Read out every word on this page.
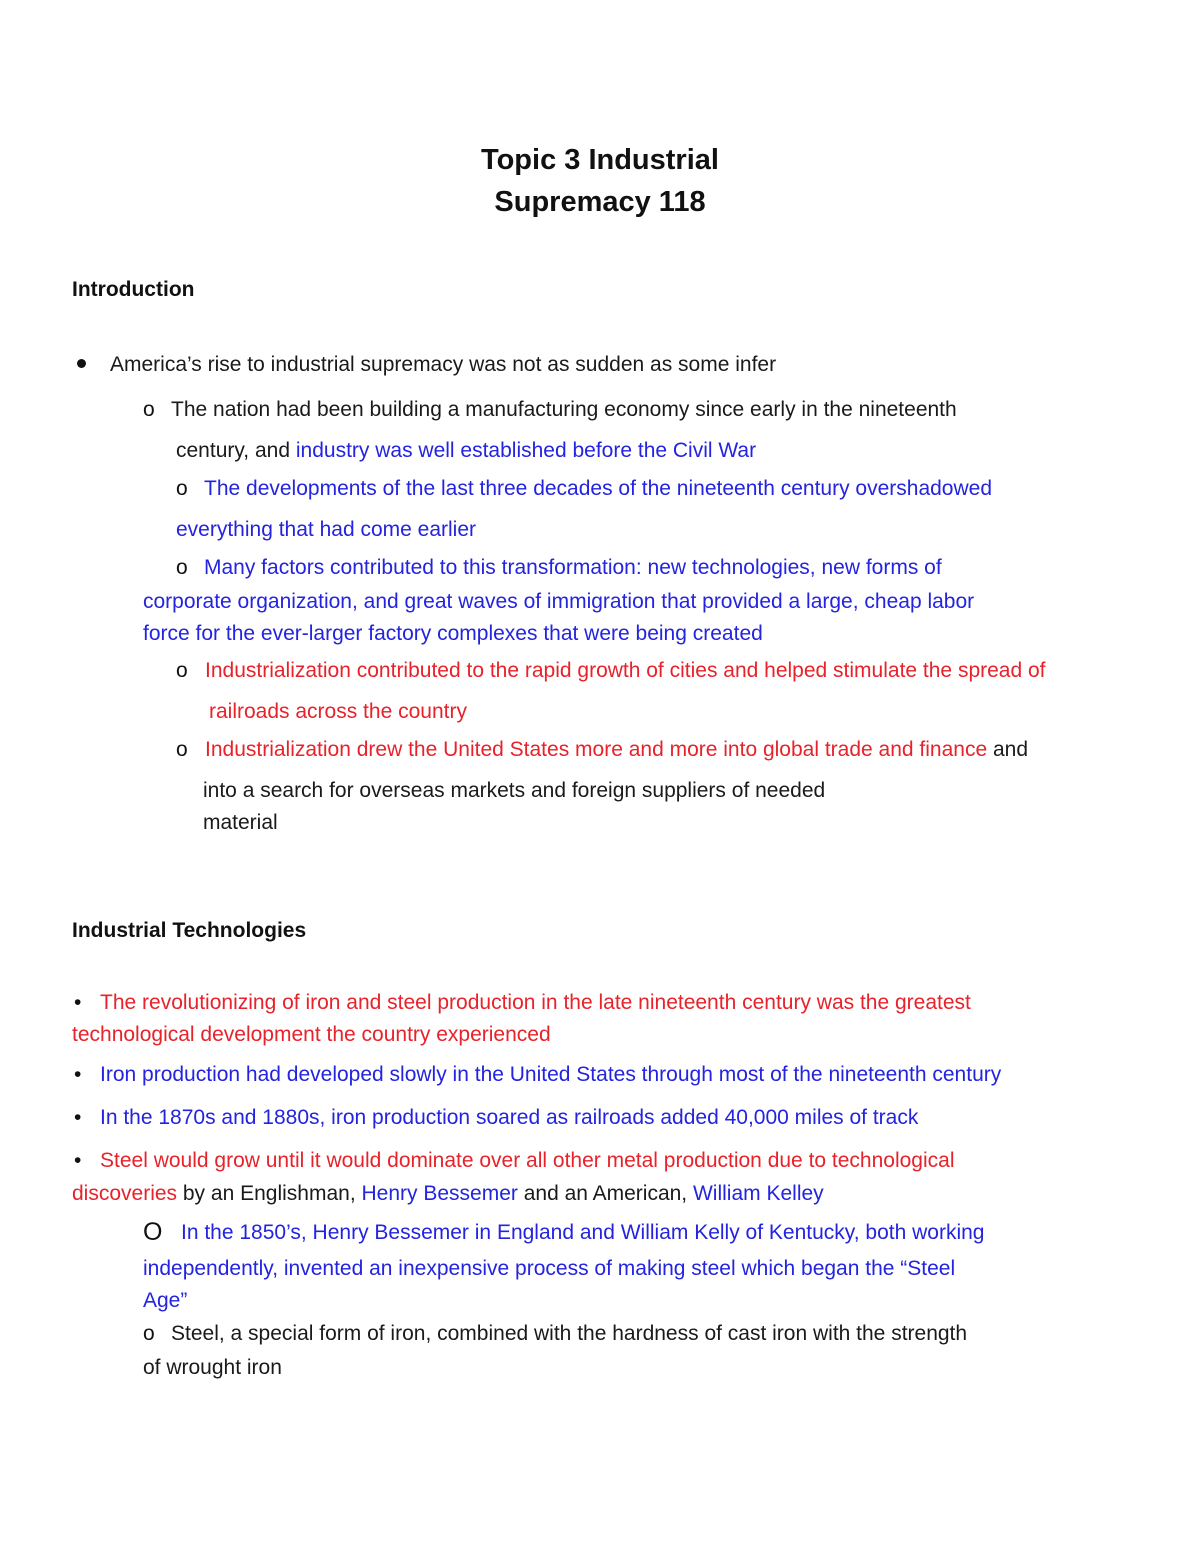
Topic 3 Industrial
Supremacy 118
Introduction
America’s rise to industrial supremacy was not as sudden as some infer
o The nation had been building a manufacturing economy since early in the nineteenth
century, and industry was well established before the Civil War
o The developments of the last three decades of the nineteenth century overshadowed
everything that had come earlier
o Many factors contributed to this transformation: new technologies, new forms of
corporate organization, and great waves of immigration that provided a large, cheap labor
force for the ever-larger factory complexes that were being created
o Industrialization contributed to the rapid growth of cities and helped stimulate the spread of
railroads across the country
o Industrialization drew the United States more and more into global trade and finance and
into a search for overseas markets and foreign suppliers of needed
material
Industrial Technologies
• The revolutionizing of iron and steel production in the late nineteenth century was the greatest
technological development the country experienced
• Iron production had developed slowly in the United States through most of the nineteenth century
• In the 1870s and 1880s, iron production soared as railroads added 40,000 miles of track
• Steel would grow until it would dominate over all other metal production due to technological
discoveries by an Englishman, Henry Bessemer and an American, William Kelley
O In the 1850’s, Henry Bessemer in England and William Kelly of Kentucky, both working
independently, invented an inexpensive process of making steel which began the “Steel
Age”
o Steel, a special form of iron, combined with the hardness of cast iron with the strength
of wrought iron
